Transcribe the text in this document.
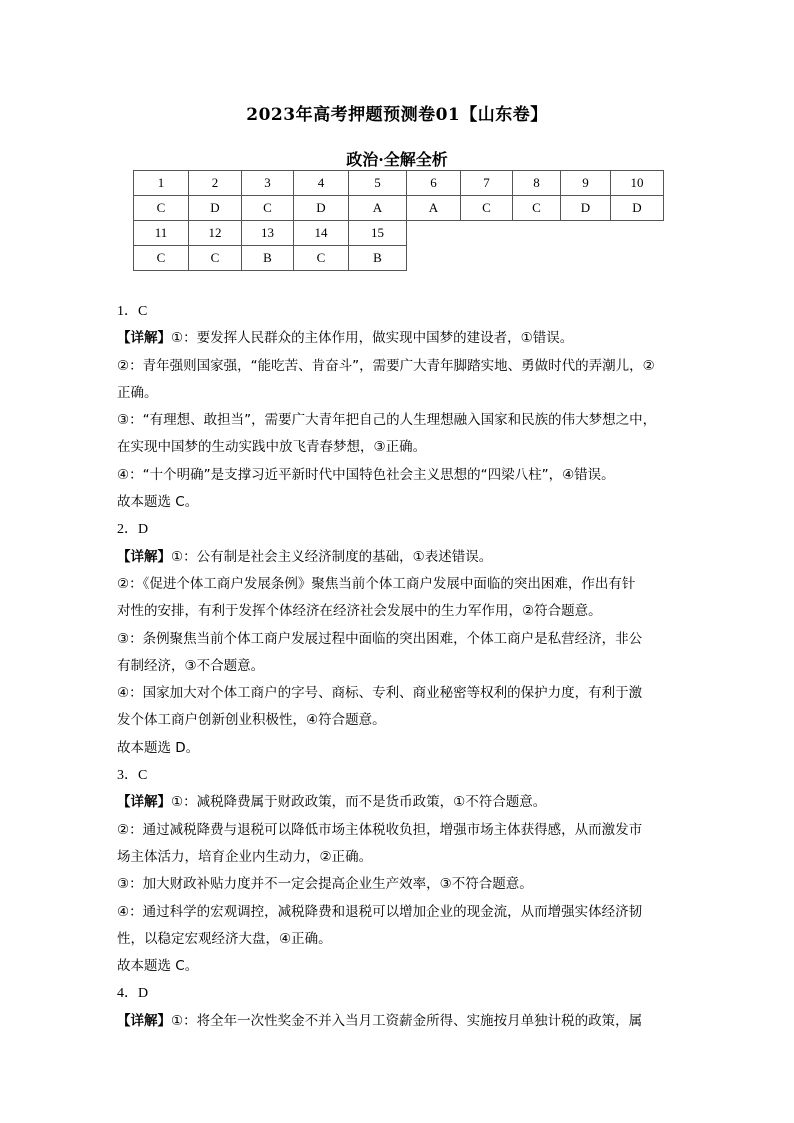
2023年高考押题预测卷01【山东卷】
政治·全解全析
1	2	3	4	5	6	7	8	9	10
C	D	C	D	A	A	C	C	D	D
11	12	13	14	15					
C	C	B	C	B					

1．C

【详解】①：要发挥人民群众的主体作用，做实现中国梦的建设者，①错误。

②：青年强则国家强，“能吃苦、肯奋斗”，需要广大青年脚踏实地、勇做时代的弄潮儿，②

正确。

③：“有理想、敢担当”，需要广大青年把自己的人生理想融入国家和民族的伟大梦想之中，

在实现中国梦的生动实践中放飞青春梦想，③正确。

④：“十个明确”是支撑习近平新时代中国特色社会主义思想的“四梁八柱”，④错误。

故本题选 C。

2．D

【详解】①：公有制是社会主义经济制度的基础，①表述错误。

②：《促进个体工商户发展条例》聚焦当前个体工商户发展中面临的突出困难，作出有针

对性的安排，有利于发挥个体经济在经济社会发展中的生力军作用，②符合题意。

③：条例聚焦当前个体工商户发展过程中面临的突出困难，个体工商户是私营经济，非公

有制经济，③不合题意。

④：国家加大对个体工商户的字号、商标、专利、商业秘密等权利的保护力度，有利于激

发个体工商户创新创业积极性，④符合题意。

故本题选 D。

3．C

【详解】①：减税降费属于财政政策，而不是货币政策，①不符合题意。

②：通过减税降费与退税可以降低市场主体税收负担，增强市场主体获得感，从而激发市

场主体活力，培育企业内生动力，②正确。

③：加大财政补贴力度并不一定会提高企业生产效率，③不符合题意。

④：通过科学的宏观调控，减税降费和退税可以增加企业的现金流，从而增强实体经济韧

性，以稳定宏观经济大盘，④正确。

故本题选 C。

4．D

【详解】①：将全年一次性奖金不并入当月工资薪金所得、实施按月单独计税的政策，属
